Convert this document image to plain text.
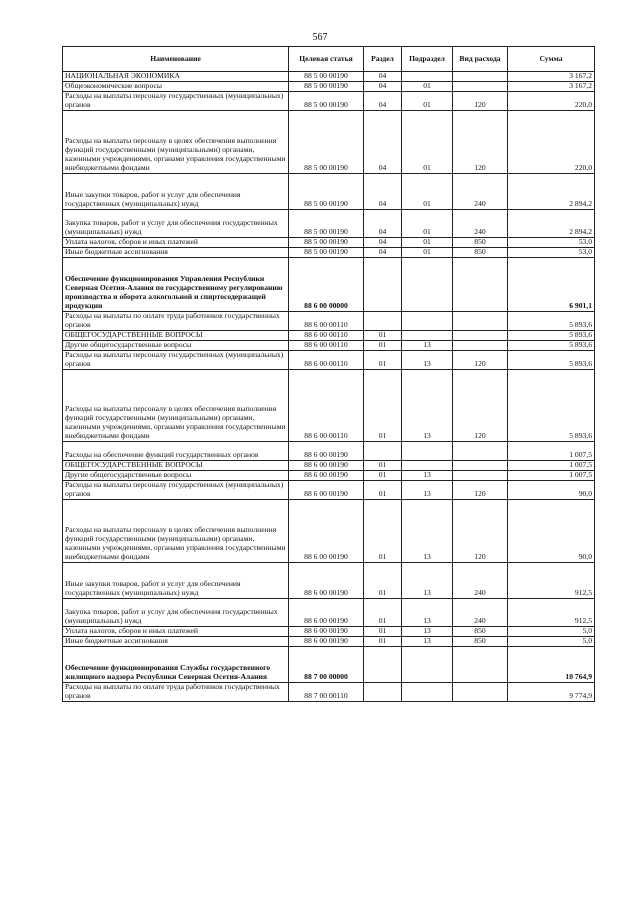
567
Наименование	Целевая статья	Раздел	Подраздел	Вид расхода	Сумма
НАЦИОНАЛЬНАЯ ЭКОНОМИКА	88 5 00 00190	04			3 167,2
Общеэкономические вопросы	88 5 00 00190	04	01		3 167,2
Расходы на выплаты персоналу государственных (муниципальных) органов	88 5 00 00190	04	01	120	220,0
Расходы на выплаты персоналу в целях обеспечения выполнения функций государственными (муниципальными) органами, казенными учреждениями, органами управления государственными внебюджетными фондами	88 5 00 00190	04	01	120	220,0
Иные закупки товаров, работ и услуг для обеспечения государственных (муниципальных) нужд	88 5 00 00190	04	01	240	2 894,2
Закупка товаров, работ и услуг для обеспечения государственных (муниципальных) нужд	88 5 00 00190	04	01	240	2 894,2
Уплата налогов, сборов и иных платежей	88 5 00 00190	04	01	850	53,0
Иные бюджетные ассигнования	88 5 00 00190	04	01	850	53,0
Обеспечение функционирования Управления Республики Северная Осетия-Алания по государственному регулированию производства и оборота алкогольной и спиртосодержащей продукции	88 6 00 00000				6 901,1
Расходы на выплаты по оплате труда работников государственных органов	88 6 00 00110				5 893,6
ОБЩЕГОСУДАРСТВЕННЫЕ ВОПРОСЫ	88 6 00 00110	01			5 893,6
Другие общегосударственные вопросы	88 6 00 00110	01	13		5 893,6
Расходы на выплаты персоналу государственных (муниципальных) органов	88 6 00 00110	01	13	120	5 893,6
Расходы на выплаты персоналу в целях обеспечения выполнения функций государственными (муниципальными) органами, казенными учреждениями, органами управления государственными внебюджетными фондами	88 6 00 00110	01	13	120	5 893,6
Расходы на обеспечение функций государственных органов	88 6 00 00190				1 007,5
ОБЩЕГОСУДАРСТВЕННЫЕ ВОПРОСЫ	88 6 00 00190	01			1 007,5
Другие общегосударственные вопросы	88 6 00 00190	01	13		1 007,5
Расходы на выплаты персоналу государственных (муниципальных) органов	88 6 00 00190	01	13	120	90,0
Расходы на выплаты персоналу в целях обеспечения выполнения функций государственными (муниципальными) органами, казенными учреждениями, органами управления государственными внебюджетными фондами	88 6 00 00190	01	13	120	90,0
Иные закупки товаров, работ и услуг для обеспечения государственных (муниципальных) нужд	88 6 00 00190	01	13	240	912,5
Закупка товаров, работ и услуг для обеспечения государственных (муниципальных) нужд	88 6 00 00190	01	13	240	912,5
Уплата налогов, сборов и иных платежей	88 6 00 00190	01	13	850	5,0
Иные бюджетные ассигнования	88 6 00 00190	01	13	850	5,0
Обеспечение функционирования Службы государственного жилищного надзора Республики Северная Осетия-Алания	88 7 00 00000				10 764,9
Расходы на выплаты по оплате труда работников государственных органов	88 7 00 00110				9 774,9
